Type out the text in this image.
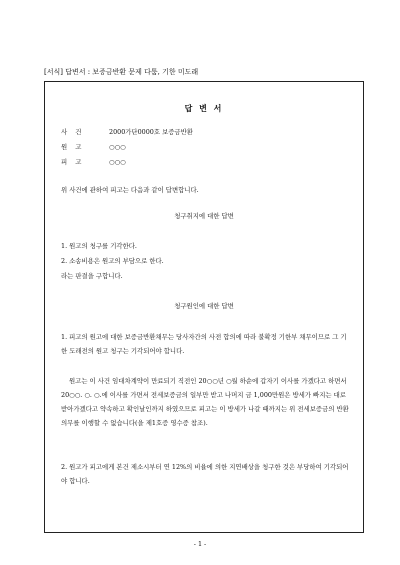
[서식] 답변서 : 보증금반환 문제 다툼, 기한 미도래
답 변 서
사 건	2000가단0000호 보증금반환
원 고	○○○
피 고	○○○
위 사건에 관하여 피고는 다음과 같이 답변합니다.
청구취지에 대한 답변
1. 원고의 청구를 기각한다.
2. 소송비용은 원고의 부담으로 한다.
라는 판결을 구합니다.
청구원인에 대한 답변
1. 피고의 원고에 대한 보증금반환채무는 당사자간의 사전 합의에 따라 불확정 기한부 채무이므로 그 기한 도래전의 원고 청구는 기각되어야 합니다.
원고는 이 사건 임대차계약이 만료되기 직전인 20○○년 ○월 하순에 갑자기 이사를 가겠다고 하면서 20○○. ○. ○.에 이사를 가면서 전세보증금의 일부만 받고 나머지 금 1,000만원은 방세가 빠지는 대로 받아가겠다고 약속하고 확인날인까지 하였으므로 피고는 이 방세가 나갈 때까지는 위 전세보증금의 반환의무를 이행할 수 없습니다(을 제1호증 영수증 참조).
2. 원고가 피고에게 본건 제소시부터 연 12%의 비율에 의한 지연배상을 청구한 것은 부당하여 기각되어야 합니다.
- 1 -
